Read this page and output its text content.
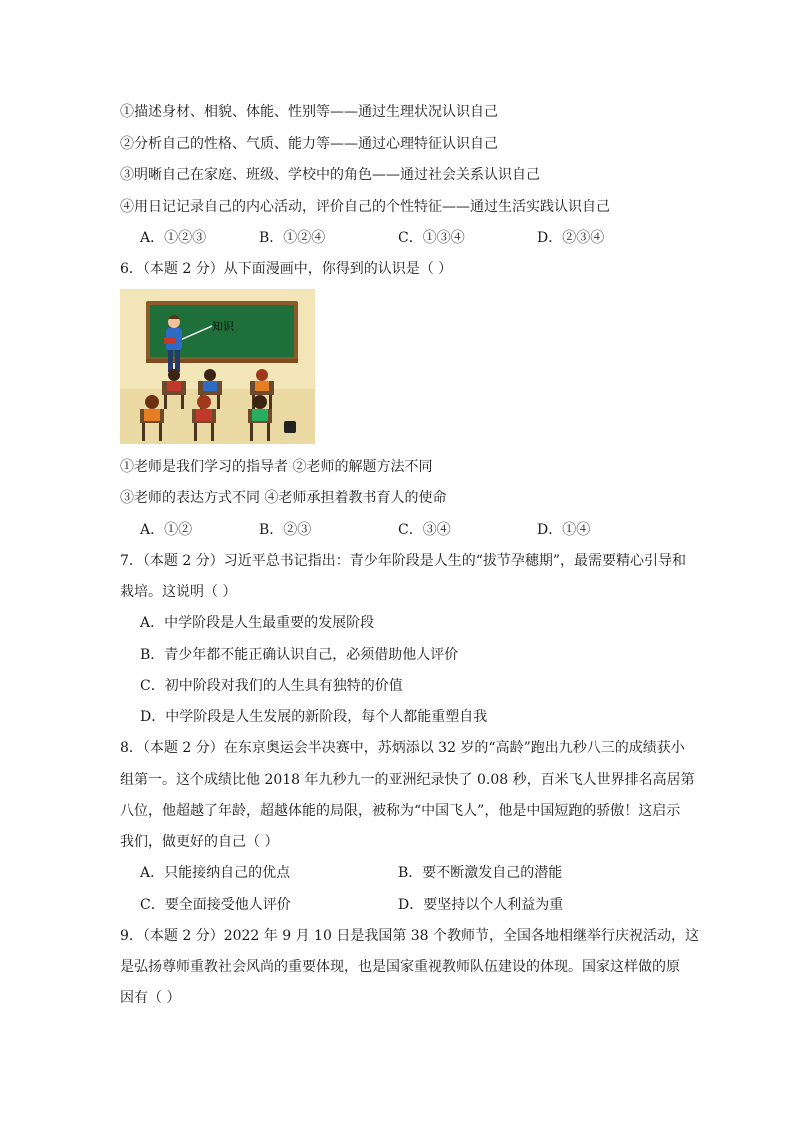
①描述身材、相貌、体能、性别等——通过生理状况认识自己
②分析自己的性格、气质、能力等——通过心理特征认识自己
③明晰自己在家庭、班级、学校中的角色——通过社会关系认识自己
④用日记记录自己的内心活动，评价自己的个性特征——通过生活实践认识自己
A．①②③	B．①②④	C．①③④	D．②③④
6．（本题 2 分）从下面漫画中，你得到的认识是（ ）
知识
①老师是我们学习的指导者 ②老师的解题方法不同
③老师的表达方式不同 ④老师承担着教书育人的使命
A．①②	B．②③	C．③④	D．①④
7．（本题 2 分）习近平总书记指出：青少年阶段是人生的“拔节孕穗期”，最需要精心引导和
栽培。这说明（ ）
A．中学阶段是人生最重要的发展阶段
B．青少年都不能正确认识自己，必须借助他人评价
C．初中阶段对我们的人生具有独特的价值
D．中学阶段是人生发展的新阶段，每个人都能重塑自我
8．（本题 2 分）在东京奥运会半决赛中，苏炳添以 32 岁的“高龄”跑出九秒八三的成绩获小
组第一。这个成绩比他 2018 年九秒九一的亚洲纪录快了 0.08 秒，百米飞人世界排名高居第
八位，他超越了年龄，超越体能的局限，被称为“中国飞人”，他是中国短跑的骄傲！这启示
我们，做更好的自己（ ）
A．只能接纳自己的优点	B．要不断激发自己的潜能
C．要全面接受他人评价	D．要坚持以个人利益为重
9．（本题 2 分）2022 年 9 月 10 日是我国第 38 个教师节，全国各地相继举行庆祝活动，这
是弘扬尊师重教社会风尚的重要体现，也是国家重视教师队伍建设的体现。国家这样做的原
因有（ ）
